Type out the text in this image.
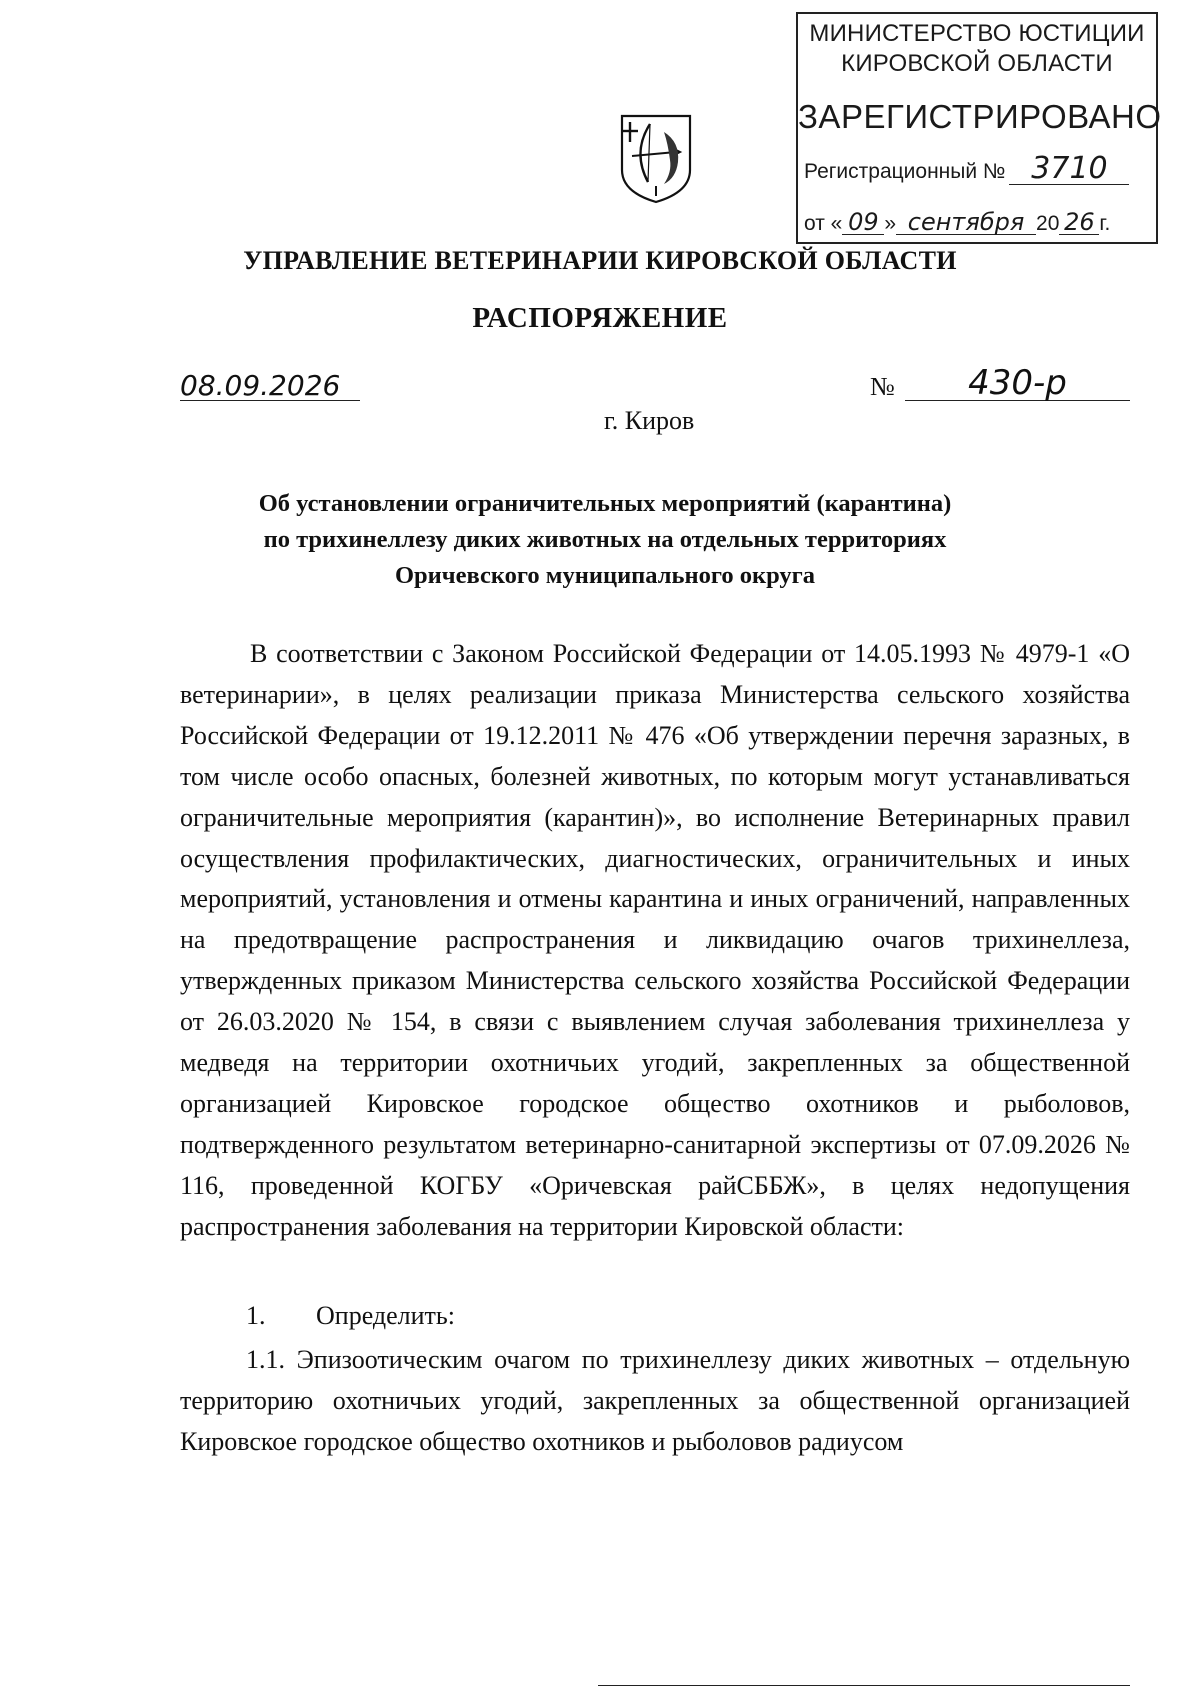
МИНИСТЕРСТВО ЮСТИЦИИ
КИРОВСКОЙ ОБЛАСТИ
ЗАРЕГИСТРИРОВАНО
Регистрационный № 3710
от « 09 » сентября 20 26 г.
УПРАВЛЕНИЕ ВЕТЕРИНАРИИ КИРОВСКОЙ ОБЛАСТИ
РАСПОРЯЖЕНИЕ
08.09.2026	№	430-р
г. Киров
Об установлении ограничительных мероприятий (карантина)
по трихинеллезу диких животных на отдельных территориях
Оричевского муниципального округа

В соответствии с Законом Российской Федерации от 14.05.1993 № 4979-1 «О ветеринарии», в целях реализации приказа Министерства сельского хозяйства Российской Федерации от 19.12.2011 № 476 «Об утверждении перечня заразных, в том числе особо опасных, болезней животных, по которым могут устанавливаться ограничительные мероприятия (карантин)», во исполнение Ветеринарных правил осуществления профилактических, диагностических, ограничительных и иных мероприятий, установления и отмены карантина и иных ограничений, направленных на предотвращение распространения и ликвидацию очагов трихинеллеза, утвержденных приказом Министерства сельского хозяйства Российской Федерации от 26.03.2020 № 154, в связи с выявлением случая заболевания трихинеллеза у медведя на территории охотничьих угодий, закрепленных за общественной организацией Кировское городское общество охотников и рыболовов, подтвержденного результатом ветеринарно-санитарной экспертизы от 07.09.2026 № 116, проведенной КОГБУ «Оричевская райСББЖ», в целях недопущения распространения заболевания на территории Кировской области:

1. Определить:

1.1. Эпизоотическим очагом по трихинеллезу диких животных – отдельную территорию охотничьих угодий, закрепленных за общественной организацией Кировское городское общество охотников и рыболовов радиусом
